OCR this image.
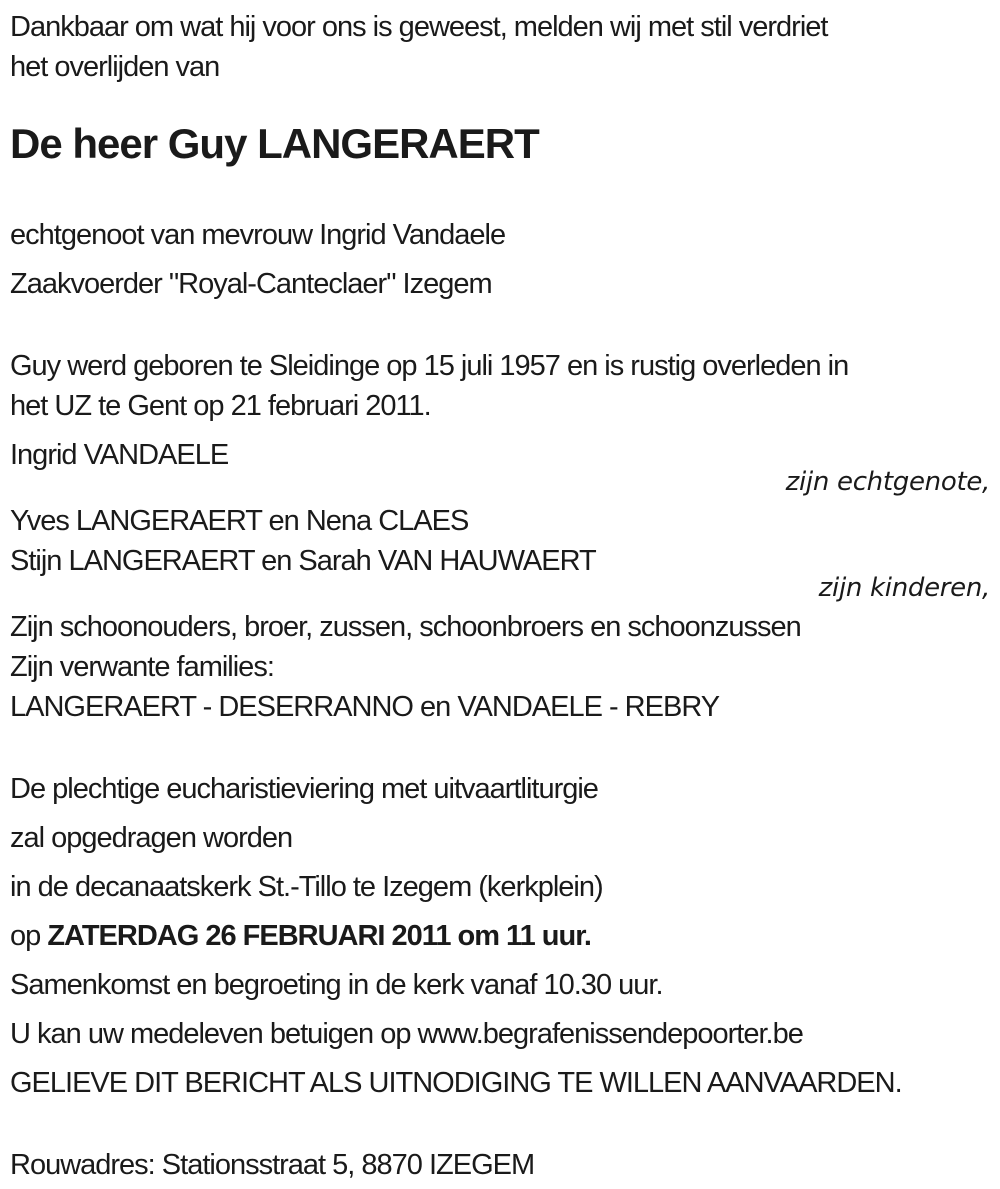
Dankbaar om wat hij voor ons is geweest, melden wij met stil verdriet
het overlijden van
De heer Guy LANGERAERT
echtgenoot van mevrouw Ingrid Vandaele
Zaakvoerder "Royal-Canteclaer" Izegem
Guy werd geboren te Sleidinge op 15 juli 1957 en is rustig overleden in
het UZ te Gent op 21 februari 2011.
Ingrid VANDAELE
zijn echtgenote,
Yves LANGERAERT en Nena CLAES
Stijn LANGERAERT en Sarah VAN HAUWAERT
zijn kinderen,
Zijn schoonouders, broer, zussen, schoonbroers en schoonzussen
Zijn verwante families:
LANGERAERT - DESERRANNO en VANDAELE - REBRY
De plechtige eucharistieviering met uitvaartliturgie
zal opgedragen worden
in de decanaatskerk St.-Tillo te Izegem (kerkplein)
op ZATERDAG 26 FEBRUARI 2011 om 11 uur.
Samenkomst en begroeting in de kerk vanaf 10.30 uur.
U kan uw medeleven betuigen op www.begrafenissendepoorter.be
GELIEVE DIT BERICHT ALS UITNODIGING TE WILLEN AANVAARDEN.
Rouwadres: Stationsstraat 5, 8870 IZEGEM
